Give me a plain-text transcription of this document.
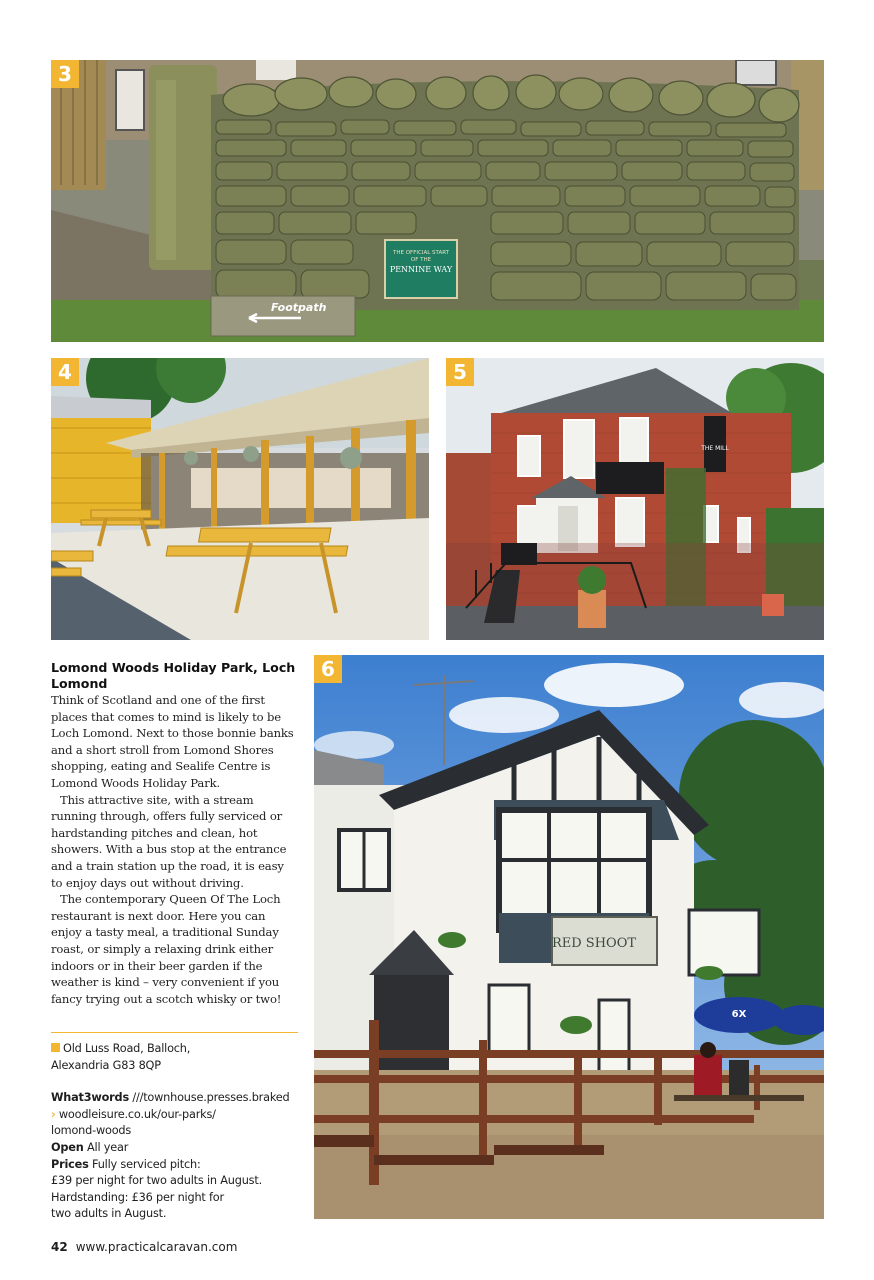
THE OFFICIAL START
OF THE
PENNINE WAY
Footpath
3
4
THE MILL
5
Lomond Woods Holiday Park, Loch Lomond

Think of Scotland and one of the first places that comes to mind is likely to be Loch Lomond. Next to those bonnie banks and a short stroll from Lomond Shores shopping, eating and Sealife Centre is Lomond Woods Holiday Park.

This attractive site, with a stream running through, offers fully serviced or hardstanding pitches and clean, hot showers. With a bus stop at the entrance and a train station up the road, it is easy to enjoy days out without driving.

The contemporary Queen Of The Loch restaurant is next door. Here you can enjoy a tasty meal, a traditional Sunday roast, or simply a relaxing drink either indoors or in their beer garden if the weather is kind – very convenient if you fancy trying out a scotch whisky or two!

Old Luss Road, Balloch,
Alexandria G83 8QP
What3words ///townhouse.presses.braked
› woodleisure.co.uk/our-parks/
lomond-woods
Open All year
Prices Fully serviced pitch:
£39 per night for two adults in August.
Hardstanding: £36 per night for
two adults in August.
RED SHOOT
6X
6
42 www.practicalcaravan.com
